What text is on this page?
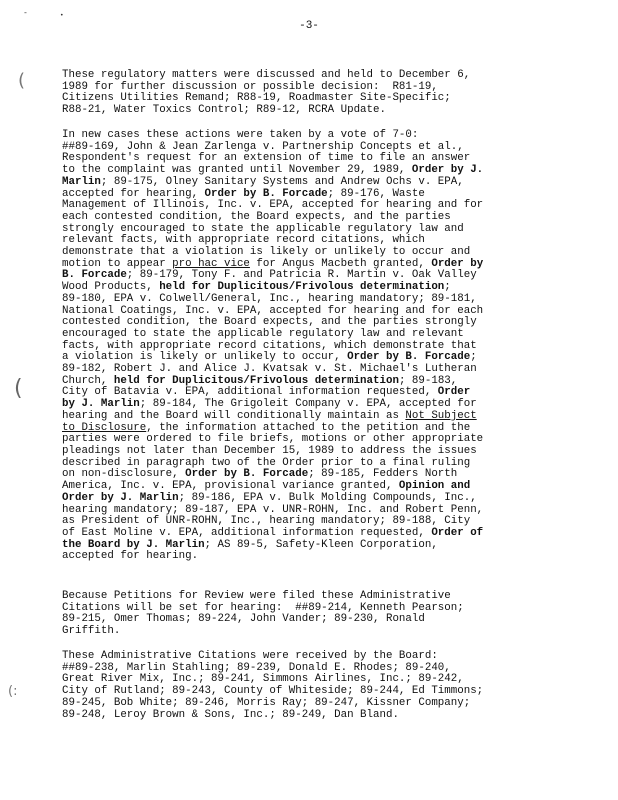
-	•
(
(
(:
-3-

These regulatory matters were discussed and held to December 6,
1989 for further discussion or possible decision:  R81-19,
Citizens Utilities Remand; R88-19, Roadmaster Site-Specific;
R88-21, Water Toxics Control; R89-12, RCRA Update.

In new cases these actions were taken by a vote of 7-0:
##89-169, John & Jean Zarlenga v. Partnership Concepts et al.,
Respondent's request for an extension of time to file an answer
to the complaint was granted until November 29, 1989, Order by J.
Marlin; 89-175, Olney Sanitary Systems and Andrew Ochs v. EPA,
accepted for hearing, Order by B. Forcade; 89-176, Waste
Management of Illinois, Inc. v. EPA, accepted for hearing and for
each contested condition, the Board expects, and the parties
strongly encouraged to state the applicable regulatory law and
relevant facts, with appropriate record citations, which
demonstrate that a violation is likely or unlikely to occur and
motion to appear pro hac vice for Angus Macbeth granted, Order by
B. Forcade; 89-179, Tony F. and Patricia R. Martin v. Oak Valley
Wood Products, held for Duplicitous/Frivolous determination;
89-180, EPA v. Colwell/General, Inc., hearing mandatory; 89-181,
National Coatings, Inc. v. EPA, accepted for hearing and for each
contested condition, the Board expects, and the parties strongly
encouraged to state the applicable regulatory law and relevant
facts, with appropriate record citations, which demonstrate that
a violation is likely or unlikely to occur, Order by B. Forcade;
89-182, Robert J. and Alice J. Kvatsak v. St. Michael's Lutheran
Church, held for Duplicitous/Frivolous determination; 89-183,
City of Batavia v. EPA, additional information requested, Order
by J. Marlin; 89-184, The Grigoleit Company v. EPA, accepted for
hearing and the Board will conditionally maintain as Not Subject
to Disclosure, the information attached to the petition and the
parties were ordered to file briefs, motions or other appropriate
pleadings not later than December 15, 1989 to address the issues
described in paragraph two of the Order prior to a final ruling
on non-disclosure, Order by B. Forcade; 89-185, Fedders North
America, Inc. v. EPA, provisional variance granted, Opinion and
Order by J. Marlin; 89-186, EPA v. Bulk Molding Compounds, Inc.,
hearing mandatory; 89-187, EPA v. UNR-ROHN, Inc. and Robert Penn,
as President of UNR-ROHN, Inc., hearing mandatory; 89-188, City
of East Moline v. EPA, additional information requested, Order of
the Board by J. Marlin; AS 89-5, Safety-Kleen Corporation,
accepted for hearing.

Because Petitions for Review were filed these Administrative
Citations will be set for hearing:  ##89-214, Kenneth Pearson;
89-215, Omer Thomas; 89-224, John Vander; 89-230, Ronald
Griffith.

These Administrative Citations were received by the Board:
##89-238, Marlin Stahling; 89-239, Donald E. Rhodes; 89-240,
Great River Mix, Inc.; 89-241, Simmons Airlines, Inc.; 89-242,
City of Rutland; 89-243, County of Whiteside; 89-244, Ed Timmons;
89-245, Bob White; 89-246, Morris Ray; 89-247, Kissner Company;
89-248, Leroy Brown & Sons, Inc.; 89-249, Dan Bland.
